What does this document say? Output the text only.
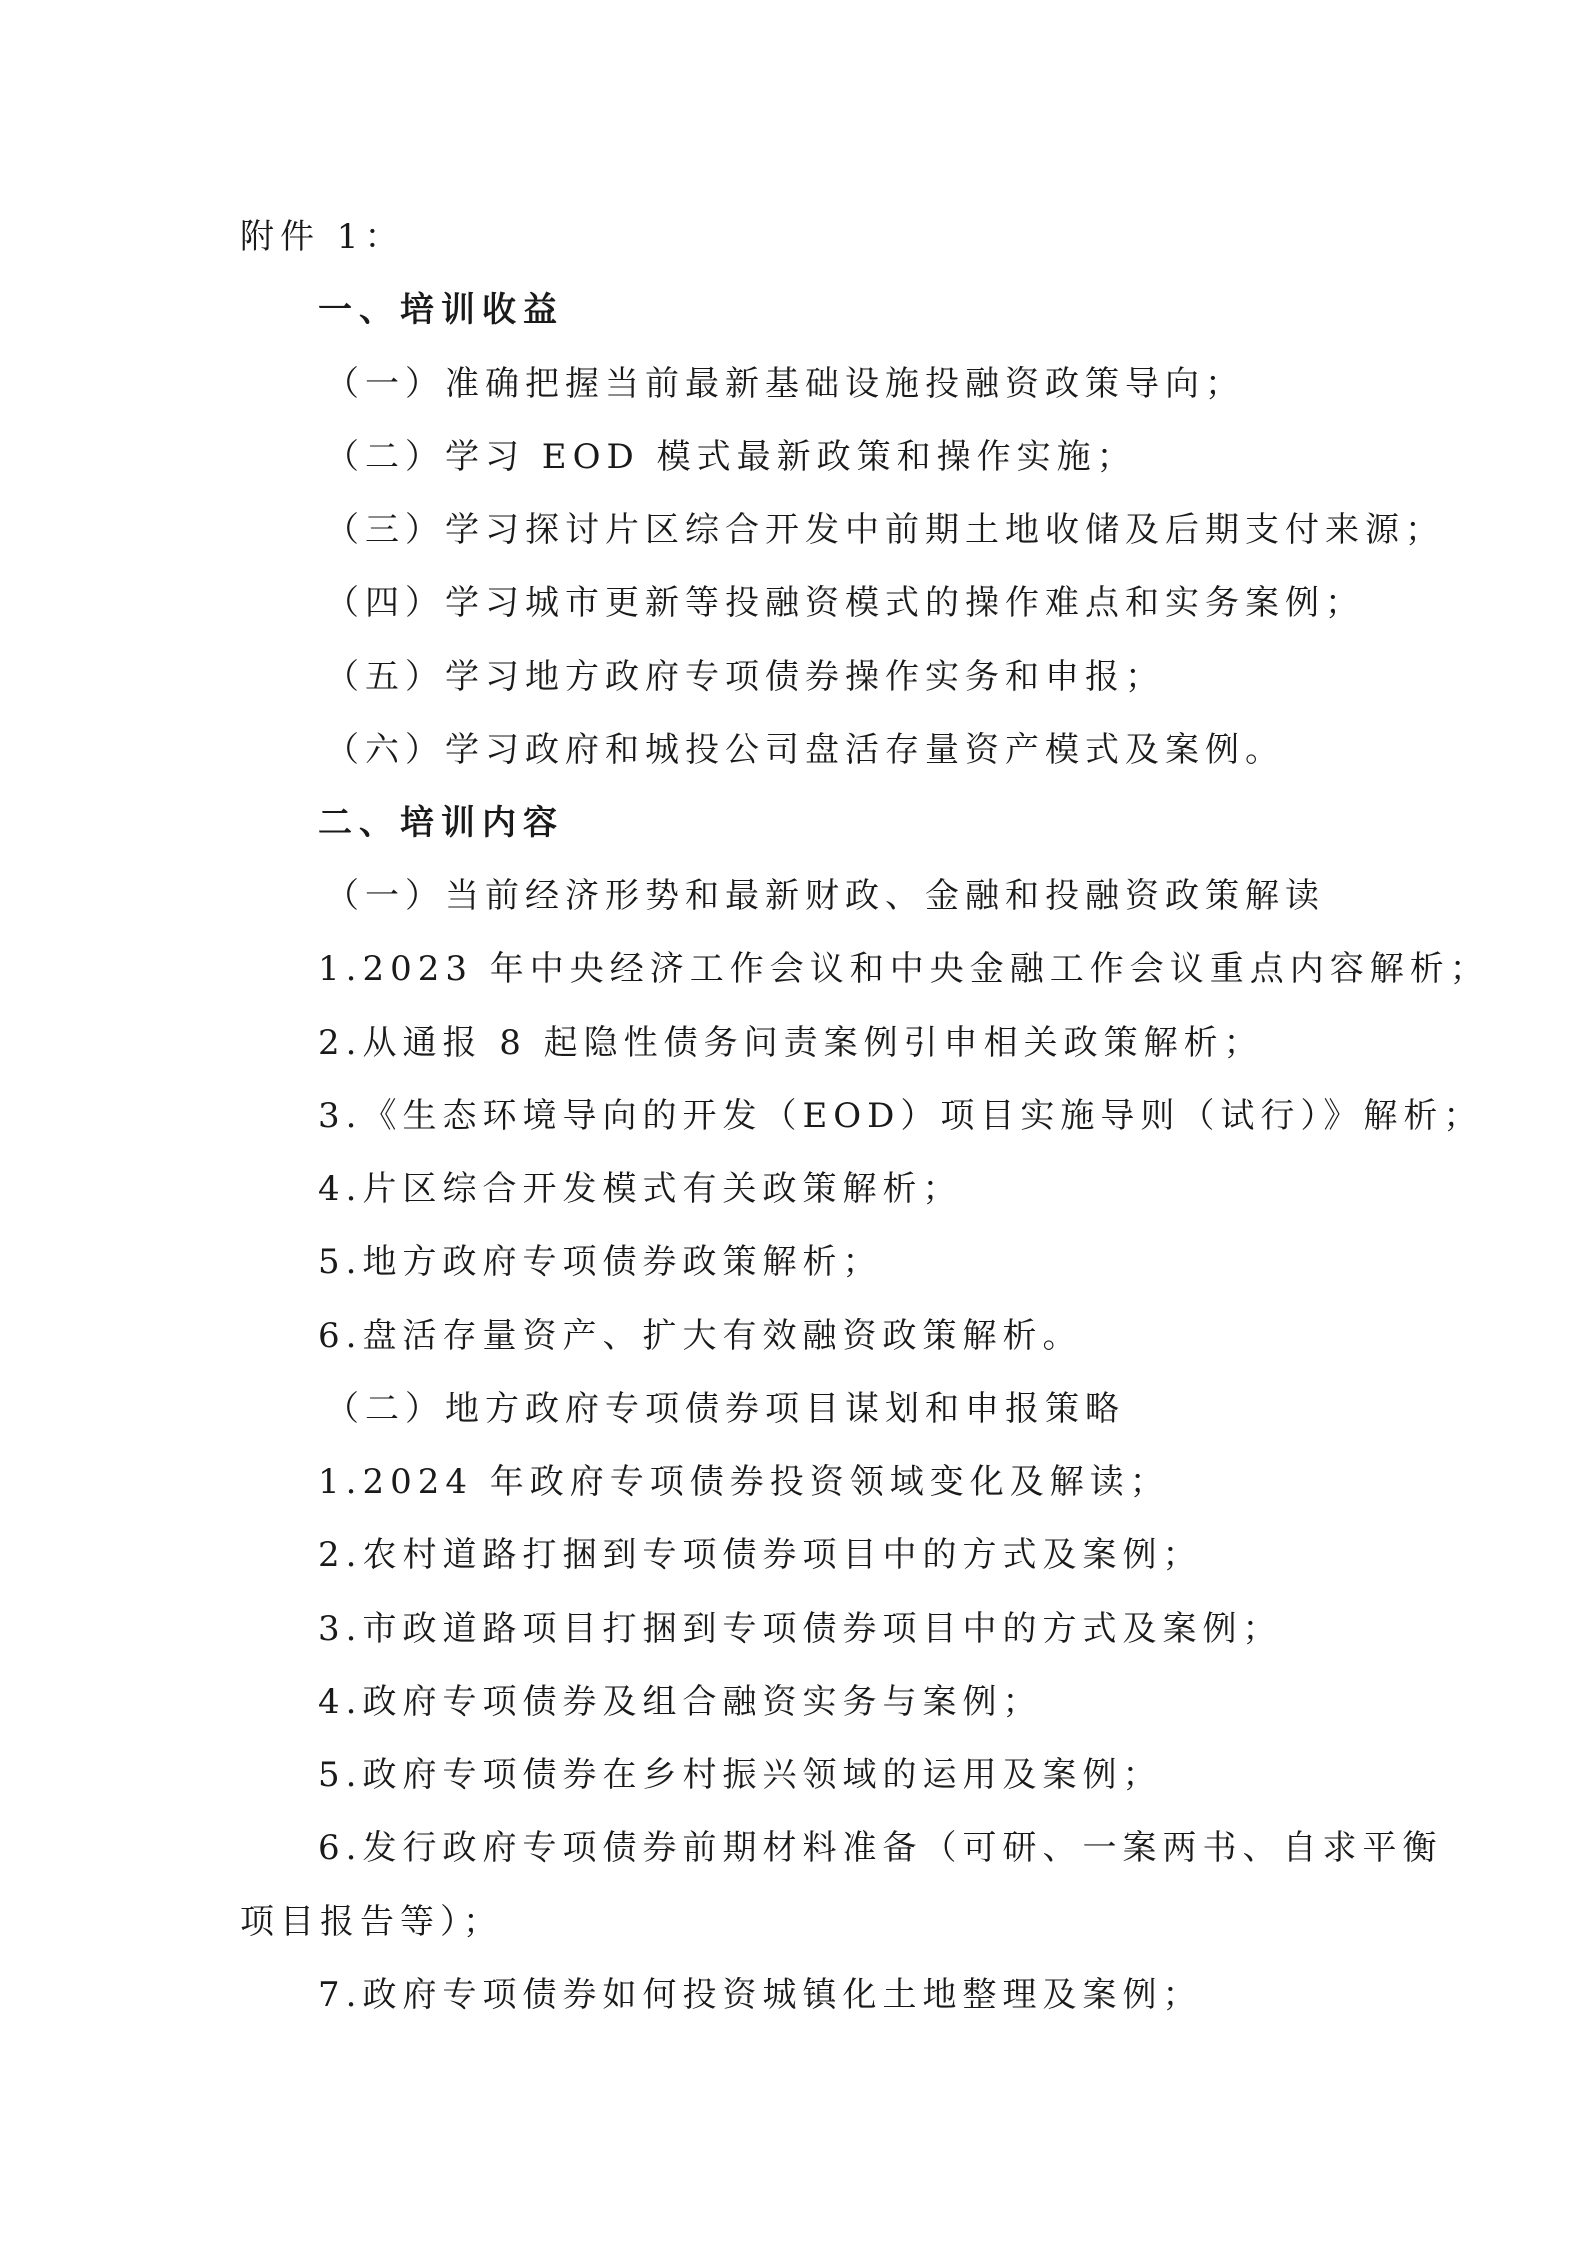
附件 1：
一、培训收益
（一）准确把握当前最新基础设施投融资政策导向；
（二）学习 EOD 模式最新政策和操作实施；
（三）学习探讨片区综合开发中前期土地收储及后期支付来源；
（四）学习城市更新等投融资模式的操作难点和实务案例；
（五）学习地方政府专项债券操作实务和申报；
（六）学习政府和城投公司盘活存量资产模式及案例。
二、培训内容
（一）当前经济形势和最新财政、金融和投融资政策解读
1.2023 年中央经济工作会议和中央金融工作会议重点内容解析；
2.从通报 8 起隐性债务问责案例引申相关政策解析；
3.《生态环境导向的开发（EOD）项目实施导则（试行）》解析；
4.片区综合开发模式有关政策解析；
5.地方政府专项债券政策解析；
6.盘活存量资产、扩大有效融资政策解析。
（二）地方政府专项债券项目谋划和申报策略
1.2024 年政府专项债券投资领域变化及解读；
2.农村道路打捆到专项债券项目中的方式及案例；
3.市政道路项目打捆到专项债券项目中的方式及案例；
4.政府专项债券及组合融资实务与案例；
5.政府专项债券在乡村振兴领域的运用及案例；
6.发行政府专项债券前期材料准备（可研、一案两书、自求平衡
项目报告等）；
7.政府专项债券如何投资城镇化土地整理及案例；
